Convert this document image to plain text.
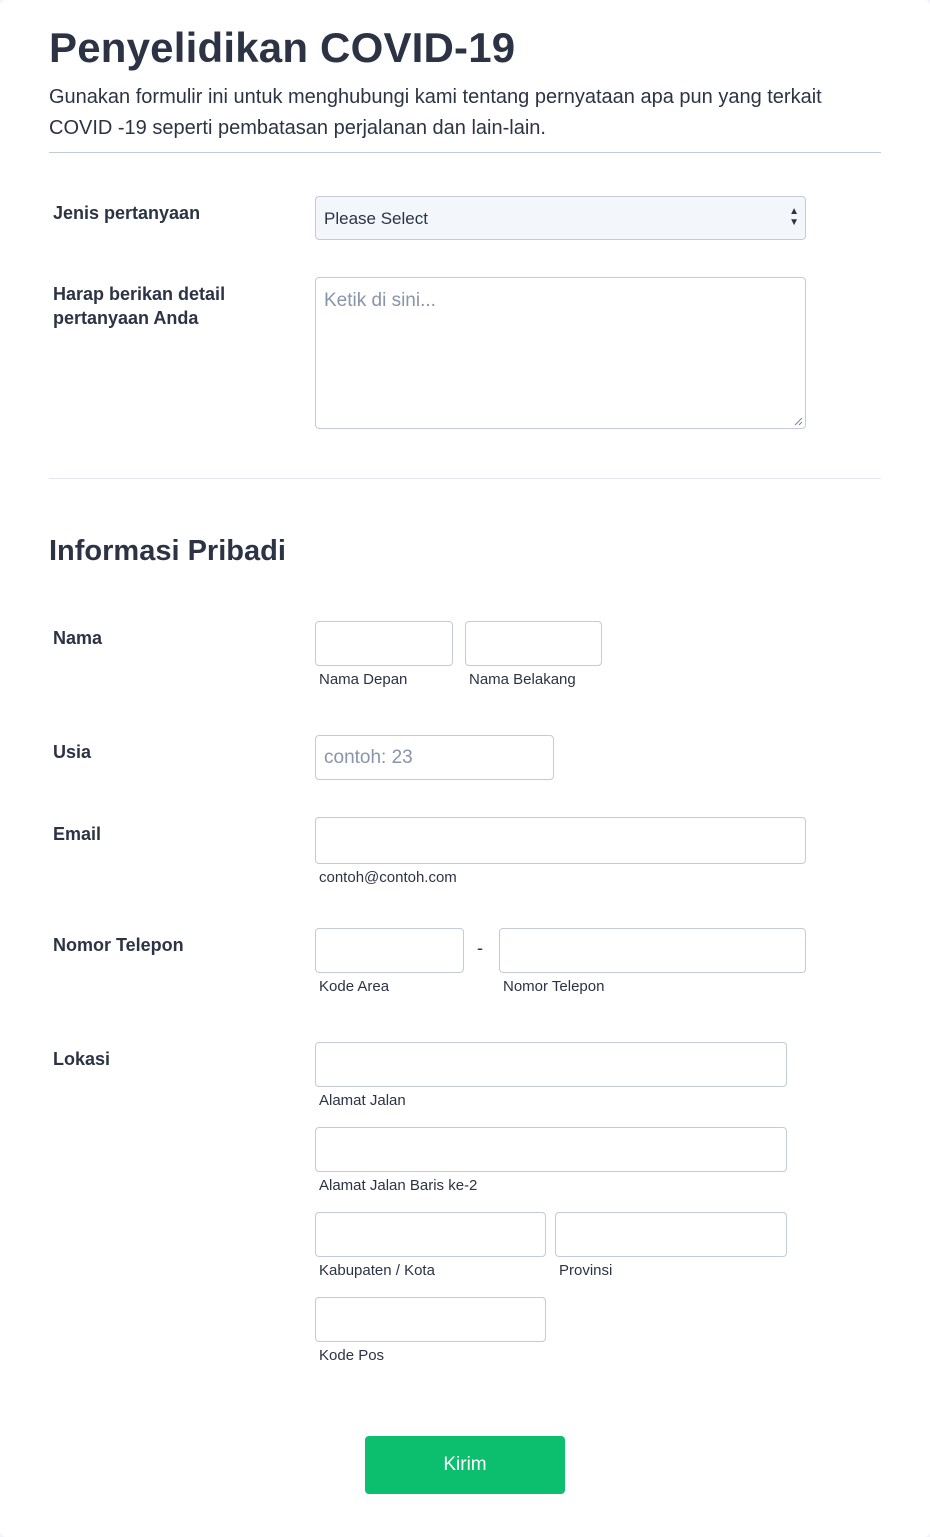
Penyelidikan COVID-19
Gunakan formulir ini untuk menghubungi kami tentang pernyataan apa pun yang terkait COVID -19 seperti pembatasan perjalanan dan lain-lain.
Jenis pertanyaan	Please Select	▲
▼
Harap berikan detail pertanyaan Anda
Ketik di sini...
Informasi Pribadi
Nama
Nama Depan	Nama Belakang
Usia
contoh: 23
Email
contoh@contoh.com
Nomor Telepon	-
Kode Area	Nomor Telepon
Lokasi
Alamat Jalan
Alamat Jalan Baris ke-2
Kabupaten / Kota	Provinsi
Kode Pos
Kirim
